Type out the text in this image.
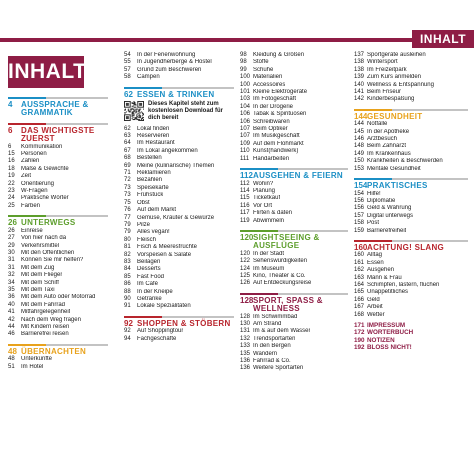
INHALT
INHALT
4	AUSSPRACHE & GRAMMATIK
6	DAS WICHTIGSTE ZUERST
6	Kommunikation
15	Personen
16	Zahlen
18	Maße & Gewichte
19	Zeit
22	Orientierung
23	W-Fragen
24	Praktische Wörter
25	Farben
26 UNTERWEGS
26	Einreise
27	Von hier nach da
29	Verkehrsmittel
30	Mit den Öffentlichen
31	Können Sie mir helfen?
31	Mit dem Zug
32	Mit dem Flieger
34	Mit dem Schiff
35	Mit dem Taxi
36	Mit dem Auto oder Motorrad
40	Mit dem Fahrrad
41	Mitfahrgelegenheit
42	Nach dem Weg fragen
44	Mit Kindern reisen
46	Barrierefrei reisen
48 ÜBERNACHTEN
48	Unterkünfte
51	Im Hotel
54	In der Ferienwohnung
55	In Jugendherberge & Hostel
57	Grund zum Beschweren
58	Campen
62 ESSEN & TRINKEN
Dieses Kapitel steht zum kostenlosen Download für dich bereit
62	Lokal finden
63	Reservieren
64	Im Restaurant
67	Im Lokal angekommen
68	Bestellen
69	Meine (kulinarische) Themen
71	Reklamieren
72	Bezahlen
73	Speisekarte
73	Frühstück
75	Obst
76	Auf dem Markt
77	Gemüse, Kräuter & Gewürze
79	Pilze
79	Alles vegan!
80	Fleisch
81	Fisch & Meeresfrüchte
82	Vorspeisen & Salate
83	Beilagen
84	Desserts
85	Fast Food
86	Im Café
88	In der Kneipe
90	Getränke
91	Lokale Spezialitäten
92 SHOPPEN & STÖBERN
92	Auf Shoppingtour
94	Fachgeschäfte
98	Kleidung & Größen
98	Stoffe
99	Schuhe
100 Materialien
100 Accessoires
101 Kleine Elektrogeräte
103 Im Fotogeschäft
104 In der Drogerie
106 Tabak & Spirituosen
106 Schreibwaren
107 Beim Optiker
107 Im Musikgeschäft
109 Auf dem Flohmarkt
110 Kunst(handwerk)
111 Handarbeiten
112 AUSGEHEN & FEIERN
112 Wohin?
114 Planung
115 Ticketkauf
116 Vor Ort
117 Flirten & daten
119 Abwimmeln
120 SIGHTSEEING & AUSFLÜGE
120 In der Stadt
122 Sehenswürdigkeiten
124 Im Museum
125 Kino, Theater & Co.
126 Auf Entdeckungsreise
128 SPORT, SPASS & WELLNESS
128 Im Schwimmbad
130 Am Strand
131 Im & auf dem Wasser
132 Trendsportarten
133 In den Bergen
135 Wandern
136 Fahrrad & Co.
136 Weitere Sportarten
137 Sportgeräte ausleihen
138 Wintersport
138 Im Freizeitpark
139 Zum Kurs anmelden
140 Wellness & Entspannung
141 Beim Friseur
142 Kinderbespaßung
144 GESUNDHEIT
144 Notfälle
145 In der Apotheke
146 Arztbesuch
148 Beim Zahnarzt
149 Im Krankenhaus
150 Krankheiten & Beschwerden
153 Mentale Gesundheit
154 PRAKTISCHES
154 Hilfe!
156 Diplomatie
156 Geld & Währung
157 Digital unterwegs
158 Post
159 Barrierefreiheit
160 ACHTUNG! SLANG
160 Alltag
161 Essen
162 Ausgehen
163 Mann & Frau
164 Schimpfen, lästern, fluchen
165 Unappetitliches
166 Geld
167 Arbeit
168 Wetter
171 IMPRESSUM
172 WÖRTERBUCH
190 NOTIZEN
192 BLOSS NICHT!
